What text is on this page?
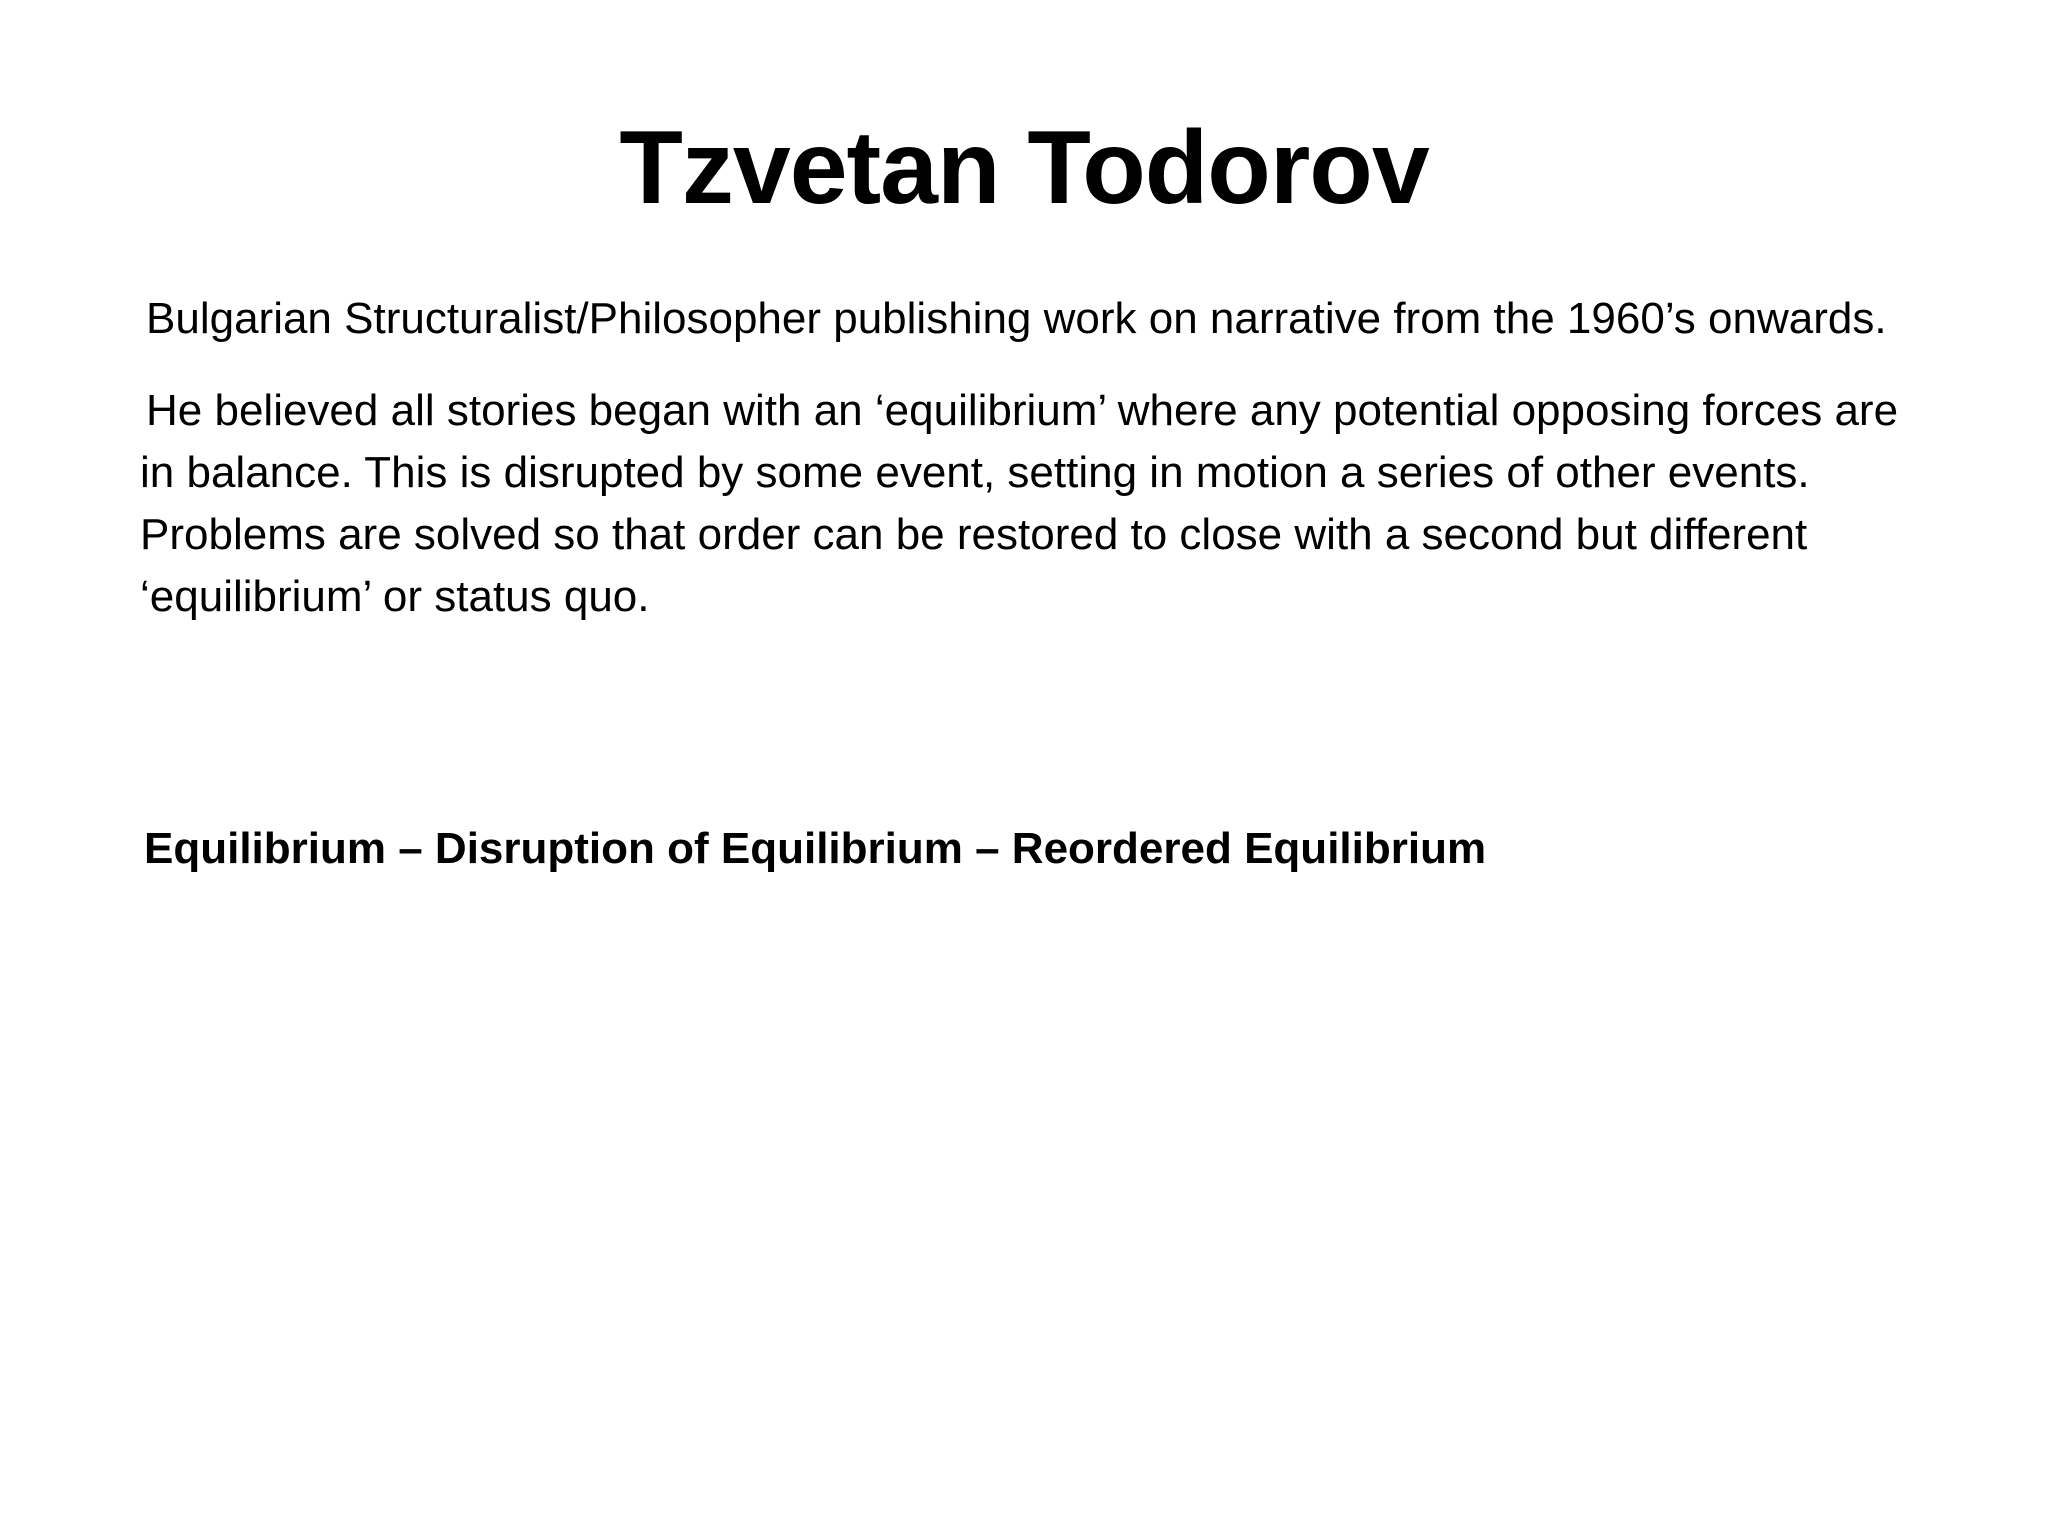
Tzvetan Todorov

Bulgarian Structuralist/Philosopher publishing work on narrative from the 1960’s onwards.

He believed all stories began with an ‘equilibrium’ where any potential opposing forces are in balance. This is disrupted by some event, setting in motion a series of other events. Problems are solved so that order can be restored to close with a second but different ‘equilibrium’ or status quo.

Equilibrium – Disruption of Equilibrium – Reordered Equilibrium
